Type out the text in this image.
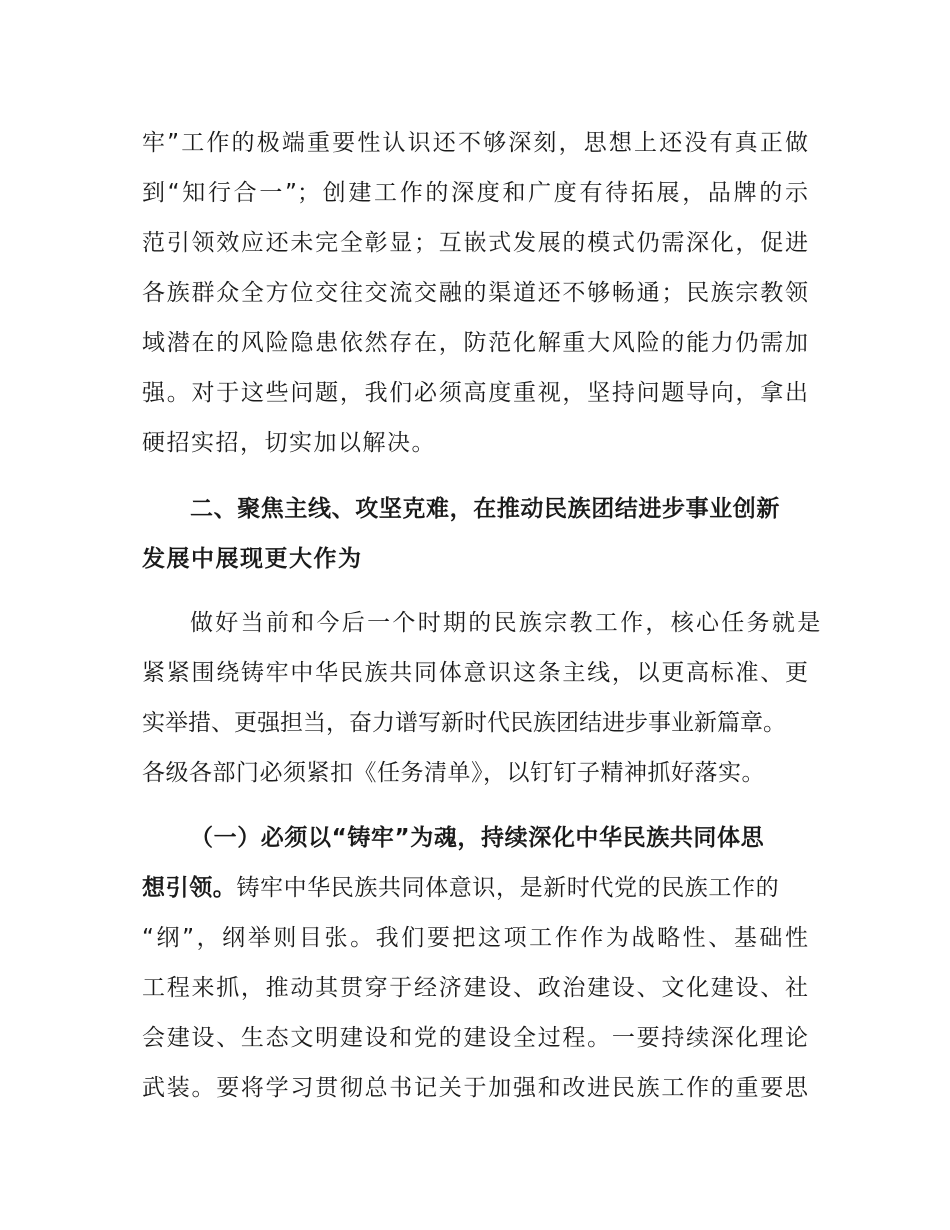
牢”工作的极端重要性认识还不够深刻，思想上还没有真正做
到“知行合一”；创建工作的深度和广度有待拓展，品牌的示
范引领效应还未完全彰显；互嵌式发展的模式仍需深化，促进
各族群众全方位交往交流交融的渠道还不够畅通；民族宗教领
域潜在的风险隐患依然存在，防范化解重大风险的能力仍需加
强。对于这些问题，我们必须高度重视，坚持问题导向，拿出
硬招实招，切实加以解决。
二、聚焦主线、攻坚克难，在推动民族团结进步事业创新
发展中展现更大作为
做好当前和今后一个时期的民族宗教工作，核心任务就是
紧紧围绕铸牢中华民族共同体意识这条主线，以更高标准、更
实举措、更强担当，奋力谱写新时代民族团结进步事业新篇章。
各级各部门必须紧扣《任务清单》，以钉钉子精神抓好落实。
（一）必须以“铸牢”为魂，持续深化中华民族共同体思
想引领。铸牢中华民族共同体意识，是新时代党的民族工作的
“纲”，纲举则目张。我们要把这项工作作为战略性、基础性
工程来抓，推动其贯穿于经济建设、政治建设、文化建设、社
会建设、生态文明建设和党的建设全过程。一要持续深化理论
武装。要将学习贯彻总书记关于加强和改进民族工作的重要思
